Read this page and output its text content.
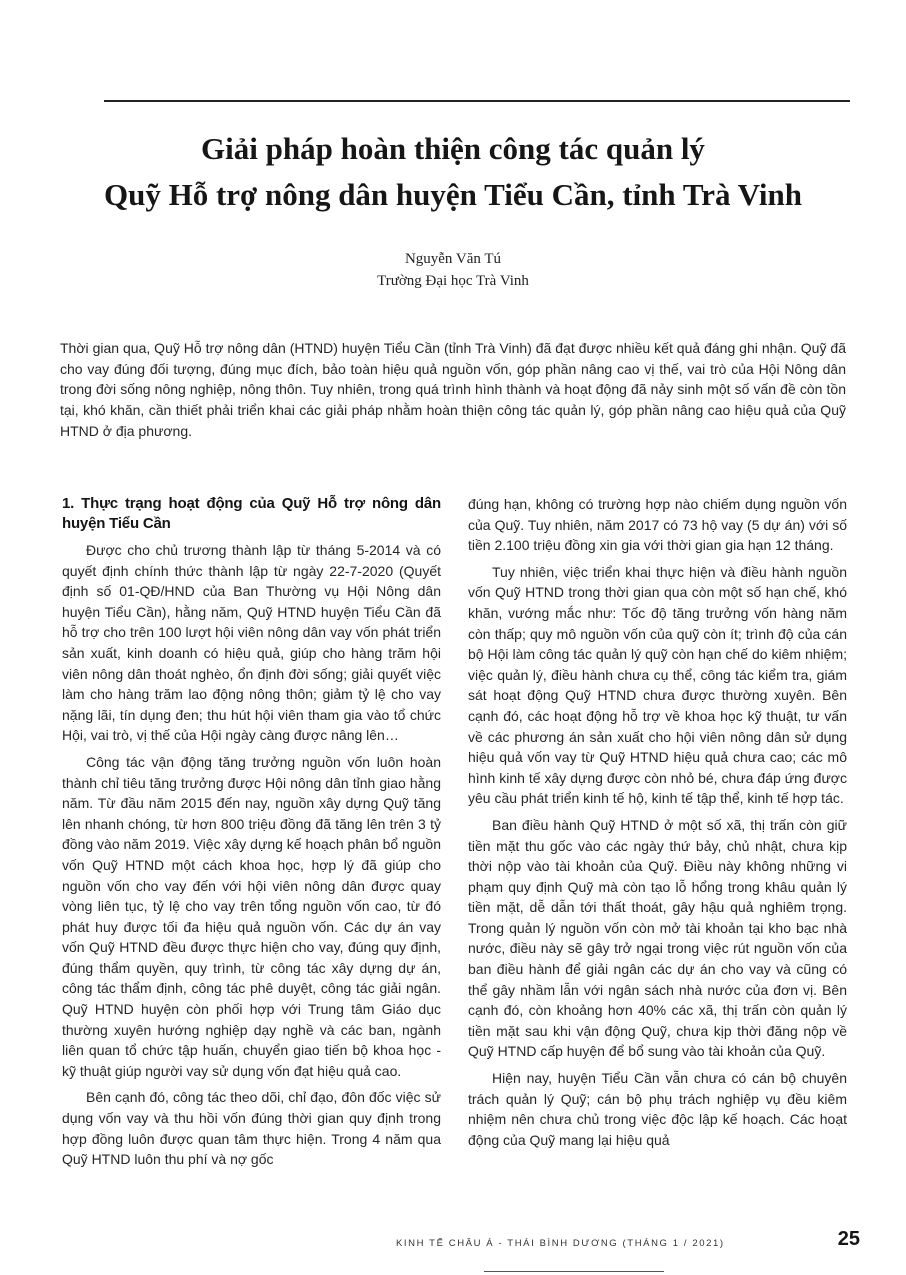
Giải pháp hoàn thiện công tác quản lý
Quỹ Hỗ trợ nông dân huyện Tiểu Cần, tỉnh Trà Vinh
Nguyễn Văn Tú
Trường Đại học Trà Vinh

Thời gian qua, Quỹ Hỗ trợ nông dân (HTND) huyện Tiểu Cần (tỉnh Trà Vinh) đã đạt được nhiều kết quả đáng ghi nhận. Quỹ đã cho vay đúng đối tượng, đúng mục đích, bảo toàn hiệu quả nguồn vốn, góp phần nâng cao vị thế, vai trò của Hội Nông dân trong đời sống nông nghiệp, nông thôn. Tuy nhiên, trong quá trình hình thành và hoạt động đã nảy sinh một số vấn đề còn tồn tại, khó khăn, cần thiết phải triển khai các giải pháp nhằm hoàn thiện công tác quản lý, góp phần nâng cao hiệu quả của Quỹ HTND ở địa phương.

1. Thực trạng hoạt động của Quỹ Hỗ trợ nông dân huyện Tiểu Cần

Được cho chủ trương thành lập từ tháng 5-2014 và có quyết định chính thức thành lập từ ngày 22-7-2020 (Quyết định số 01-QĐ/HND của Ban Thường vụ Hội Nông dân huyện Tiểu Cần), hằng năm, Quỹ HTND huyện Tiểu Cần đã hỗ trợ cho trên 100 lượt hội viên nông dân vay vốn phát triển sản xuất, kinh doanh có hiệu quả, giúp cho hàng trăm hội viên nông dân thoát nghèo, ổn định đời sống; giải quyết việc làm cho hàng trăm lao động nông thôn; giảm tỷ lệ cho vay nặng lãi, tín dụng đen; thu hút hội viên tham gia vào tổ chức Hội, vai trò, vị thế của Hội ngày càng được nâng lên…

Công tác vận động tăng trưởng nguồn vốn luôn hoàn thành chỉ tiêu tăng trưởng được Hội nông dân tỉnh giao hằng năm. Từ đầu năm 2015 đến nay, nguồn xây dựng Quỹ tăng lên nhanh chóng, từ hơn 800 triệu đồng đã tăng lên trên 3 tỷ đồng vào năm 2019. Việc xây dựng kế hoạch phân bổ nguồn vốn Quỹ HTND một cách khoa học, hợp lý đã giúp cho nguồn vốn cho vay đến với hội viên nông dân được quay vòng liên tục, tỷ lệ cho vay trên tổng nguồn vốn cao, từ đó phát huy được tối đa hiệu quả nguồn vốn. Các dự án vay vốn Quỹ HTND đều được thực hiện cho vay, đúng quy định, đúng thẩm quyền, quy trình, từ công tác xây dựng dự án, công tác thẩm định, công tác phê duyệt, công tác giải ngân. Quỹ HTND huyện còn phối hợp với Trung tâm Giáo dục thường xuyên hướng nghiệp dạy nghề và các ban, ngành liên quan tổ chức tập huấn, chuyển giao tiến bộ khoa học - kỹ thuật giúp người vay sử dụng vốn đạt hiệu quả cao.

Bên cạnh đó, công tác theo dõi, chỉ đạo, đôn đốc việc sử dụng vốn vay và thu hồi vốn đúng thời gian quy định trong hợp đồng luôn được quan tâm thực hiện. Trong 4 năm qua Quỹ HTND luôn thu phí và nợ gốc

đúng hạn, không có trường hợp nào chiếm dụng nguồn vốn của Quỹ. Tuy nhiên, năm 2017 có 73 hộ vay (5 dự án) với số tiền 2.100 triệu đồng xin gia với thời gian gia hạn 12 tháng.

Tuy nhiên, việc triển khai thực hiện và điều hành nguồn vốn Quỹ HTND trong thời gian qua còn một số hạn chế, khó khăn, vướng mắc như: Tốc độ tăng trưởng vốn hàng năm còn thấp; quy mô nguồn vốn của quỹ còn ít; trình độ của cán bộ Hội làm công tác quản lý quỹ còn hạn chế do kiêm nhiệm; việc quản lý, điều hành chưa cụ thể, công tác kiểm tra, giám sát hoạt động Quỹ HTND chưa được thường xuyên. Bên cạnh đó, các hoạt động hỗ trợ về khoa học kỹ thuật, tư vấn về các phương án sản xuất cho hội viên nông dân sử dụng hiệu quả vốn vay từ Quỹ HTND hiệu quả chưa cao; các mô hình kinh tế xây dựng được còn nhỏ bé, chưa đáp ứng được yêu cầu phát triển kinh tế hộ, kinh tế tập thể, kinh tế hợp tác.

Ban điều hành Quỹ HTND ở một số xã, thị trấn còn giữ tiền mặt thu gốc vào các ngày thứ bảy, chủ nhật, chưa kịp thời nộp vào tài khoản của Quỹ. Điều này không những vi phạm quy định Quỹ mà còn tạo lỗ hổng trong khâu quản lý tiền mặt, dễ dẫn tới thất thoát, gây hậu quả nghiêm trọng. Trong quản lý nguồn vốn còn mở tài khoản tại kho bạc nhà nước, điều này sẽ gây trở ngại trong việc rút nguồn vốn của ban điều hành để giải ngân các dự án cho vay và cũng có thể gây nhầm lẫn với ngân sách nhà nước của đơn vị. Bên cạnh đó, còn khoảng hơn 40% các xã, thị trấn còn quản lý tiền mặt sau khi vận động Quỹ, chưa kịp thời đăng nộp về Quỹ HTND cấp huyện để bổ sung vào tài khoản của Quỹ.

Hiện nay, huyện Tiểu Cần vẫn chưa có cán bộ chuyên trách quản lý Quỹ; cán bộ phụ trách nghiệp vụ đều kiêm nhiệm nên chưa chủ trong việc độc lập kế hoạch. Các hoạt động của Quỹ mang lại hiệu quả

KINH TẾ CHÂU Á - THÁI BÌNH DƯƠNG (THÁNG 1 / 2021)	25
